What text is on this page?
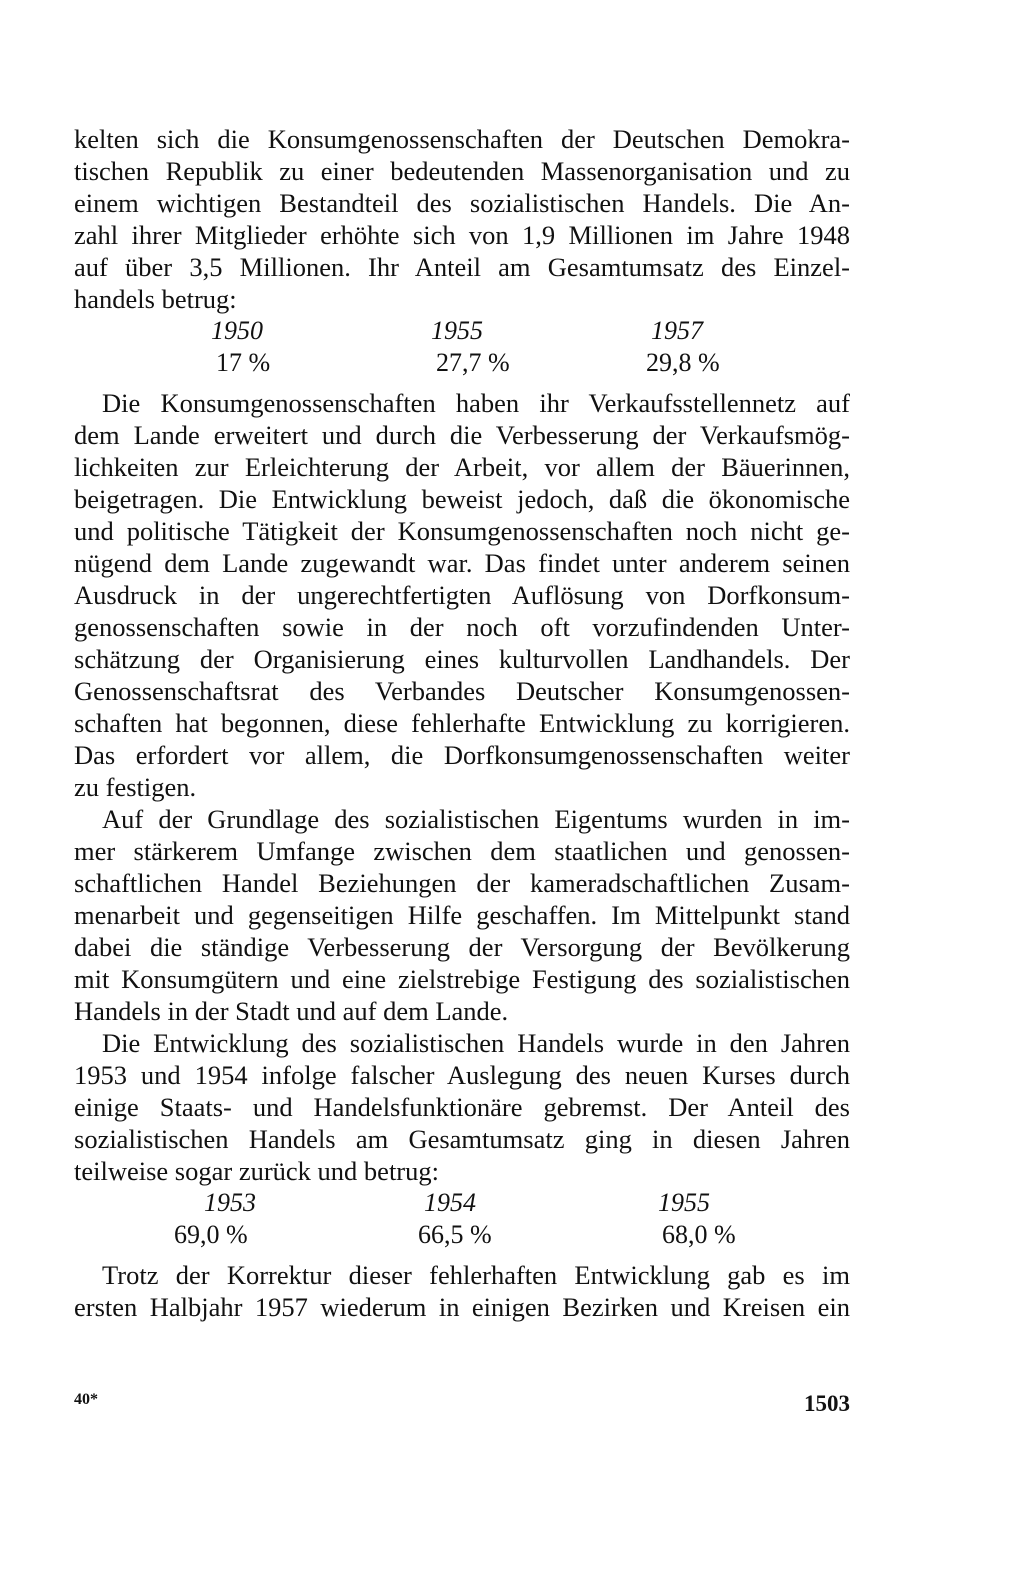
kelten sich die Konsumgenossenschaften der Deutschen Demokra-
tischen Republik zu einer bedeutenden Massenorganisation und zu
einem wichtigen Bestandteil des sozialistischen Handels. Die An-
zahl ihrer Mitglieder erhöhte sich von 1,9 Millionen im Jahre 1948
auf über 3,5 Millionen. Ihr Anteil am Gesamtumsatz des Einzel-
handels betrug:

1950	1955	1957
17 %	27,7 %	29,8 %

Die Konsumgenossenschaften haben ihr Verkaufsstellennetz auf
dem Lande erweitert und durch die Verbesserung der Verkaufsmög-
lichkeiten zur Erleichterung der Arbeit, vor allem der Bäuerinnen,
beigetragen. Die Entwicklung beweist jedoch, daß die ökonomische
und politische Tätigkeit der Konsumgenossenschaften noch nicht ge-
nügend dem Lande zugewandt war. Das findet unter anderem seinen
Ausdruck in der ungerechtfertigten Auflösung von Dorfkonsum-
genossenschaften sowie in der noch oft vorzufindenden Unter-
schätzung der Organisierung eines kulturvollen Landhandels. Der
Genossenschaftsrat des Verbandes Deutscher Konsumgenossen-
schaften hat begonnen, diese fehlerhafte Entwicklung zu korrigieren.
Das erfordert vor allem, die Dorfkonsumgenossenschaften weiter
zu festigen.

Auf der Grundlage des sozialistischen Eigentums wurden in im-
mer stärkerem Umfange zwischen dem staatlichen und genossen-
schaftlichen Handel Beziehungen der kameradschaftlichen Zusam-
menarbeit und gegenseitigen Hilfe geschaffen. Im Mittelpunkt stand
dabei die ständige Verbesserung der Versorgung der Bevölkerung
mit Konsumgütern und eine zielstrebige Festigung des sozialistischen
Handels in der Stadt und auf dem Lande.

Die Entwicklung des sozialistischen Handels wurde in den Jahren
1953 und 1954 infolge falscher Auslegung des neuen Kurses durch
einige Staats- und Handelsfunktionäre gebremst. Der Anteil des
sozialistischen Handels am Gesamtumsatz ging in diesen Jahren
teilweise sogar zurück und betrug:

1953	1954	1955
69,0 %	66,5 %	68,0 %

Trotz der Korrektur dieser fehlerhaften Entwicklung gab es im
ersten Halbjahr 1957 wiederum in einigen Bezirken und Kreisen ein

40*	1503
